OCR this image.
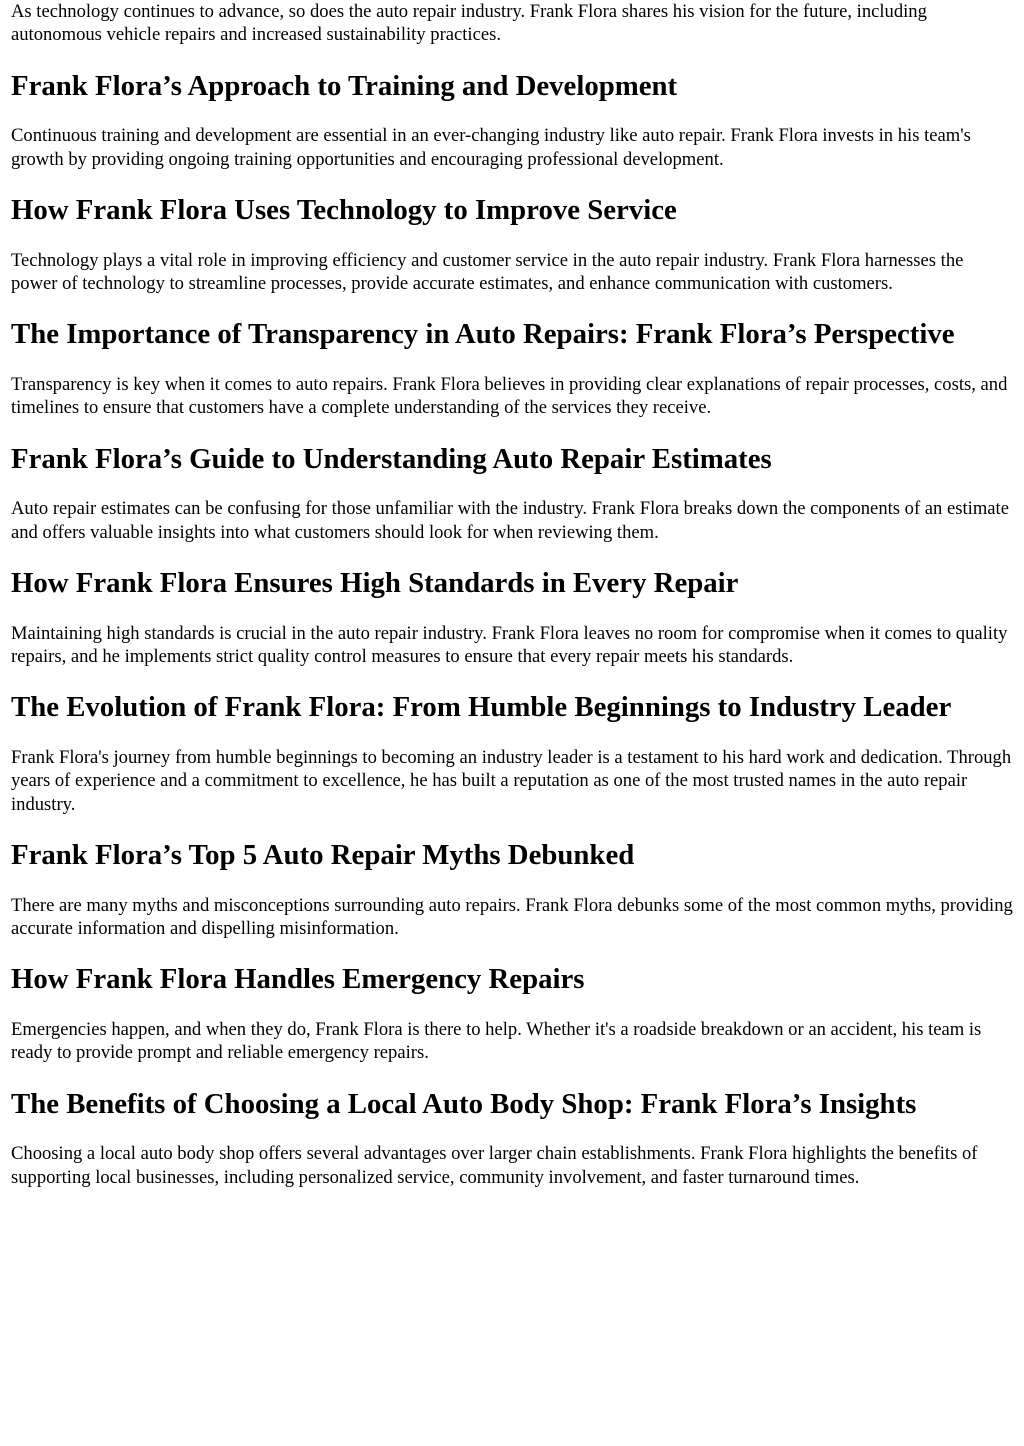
As technology continues to advance, so does the auto repair industry. Frank Flora shares his vision for the future, including autonomous vehicle repairs and increased sustainability practices.

Frank Flora’s Approach to Training and Development

Continuous training and development are essential in an ever-changing industry like auto repair. Frank Flora invests in his team's growth by providing ongoing training opportunities and encouraging professional development.

How Frank Flora Uses Technology to Improve Service

Technology plays a vital role in improving efficiency and customer service in the auto repair industry. Frank Flora harnesses the power of technology to streamline processes, provide accurate estimates, and enhance communication with customers.

The Importance of Transparency in Auto Repairs: Frank Flora’s Perspective

Transparency is key when it comes to auto repairs. Frank Flora believes in providing clear explanations of repair processes, costs, and timelines to ensure that customers have a complete understanding of the services they receive.

Frank Flora’s Guide to Understanding Auto Repair Estimates

Auto repair estimates can be confusing for those unfamiliar with the industry. Frank Flora breaks down the components of an estimate and offers valuable insights into what customers should look for when reviewing them.

How Frank Flora Ensures High Standards in Every Repair

Maintaining high standards is crucial in the auto repair industry. Frank Flora leaves no room for compromise when it comes to quality repairs, and he implements strict quality control measures to ensure that every repair meets his standards.

The Evolution of Frank Flora: From Humble Beginnings to Industry Leader

Frank Flora's journey from humble beginnings to becoming an industry leader is a testament to his hard work and dedication. Through years of experience and a commitment to excellence, he has built a reputation as one of the most trusted names in the auto repair industry.

Frank Flora’s Top 5 Auto Repair Myths Debunked

There are many myths and misconceptions surrounding auto repairs. Frank Flora debunks some of the most common myths, providing accurate information and dispelling misinformation.

How Frank Flora Handles Emergency Repairs

Emergencies happen, and when they do, Frank Flora is there to help. Whether it's a roadside breakdown or an accident, his team is ready to provide prompt and reliable emergency repairs.

The Benefits of Choosing a Local Auto Body Shop: Frank Flora’s Insights

Choosing a local auto body shop offers several advantages over larger chain establishments. Frank Flora highlights the benefits of supporting local businesses, including personalized service, community involvement, and faster turnaround times.
